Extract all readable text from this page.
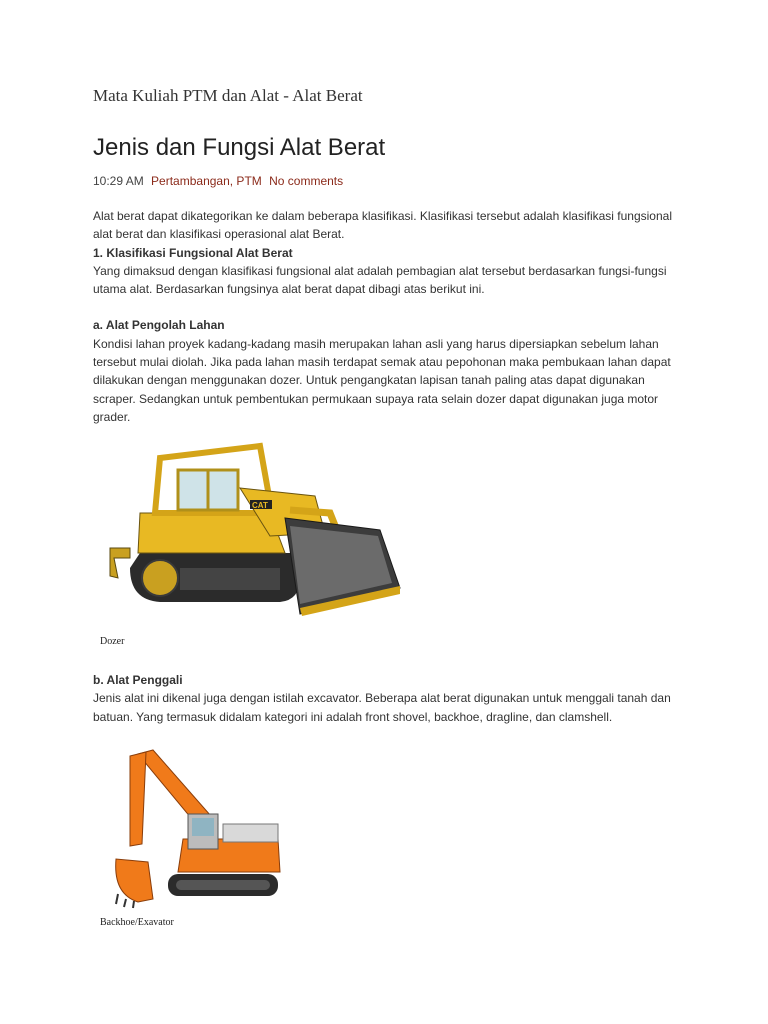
Mata Kuliah PTM dan Alat - Alat Berat
Jenis dan Fungsi Alat Berat
10:29 AM Pertambangan, PTM No comments

Alat berat dapat dikategorikan ke dalam beberapa klasifikasi. Klasifikasi tersebut adalah klasifikasi fungsional alat berat dan klasifikasi operasional alat Berat.

1. Klasifikasi Fungsional Alat Berat

Yang dimaksud dengan klasifikasi fungsional alat adalah pembagian alat tersebut berdasarkan fungsi-fungsi utama alat. Berdasarkan fungsinya alat berat dapat dibagi atas berikut ini.

a. Alat Pengolah Lahan

Kondisi lahan proyek kadang-kadang masih merupakan lahan asli yang harus dipersiapkan sebelum lahan tersebut mulai diolah. Jika pada lahan masih terdapat semak atau pepohonan maka pembukaan lahan dapat dilakukan dengan menggunakan dozer. Untuk pengangkatan lapisan tanah paling atas dapat digunakan scraper. Sedangkan untuk pembentukan permukaan supaya rata selain dozer dapat digunakan juga motor grader.

CAT
Dozer

b. Alat Penggali

Jenis alat ini dikenal juga dengan istilah excavator. Beberapa alat berat digunakan untuk menggali tanah dan batuan. Yang termasuk didalam kategori ini adalah front shovel, backhoe, dragline, dan clamshell.

Backhoe/Exavator
